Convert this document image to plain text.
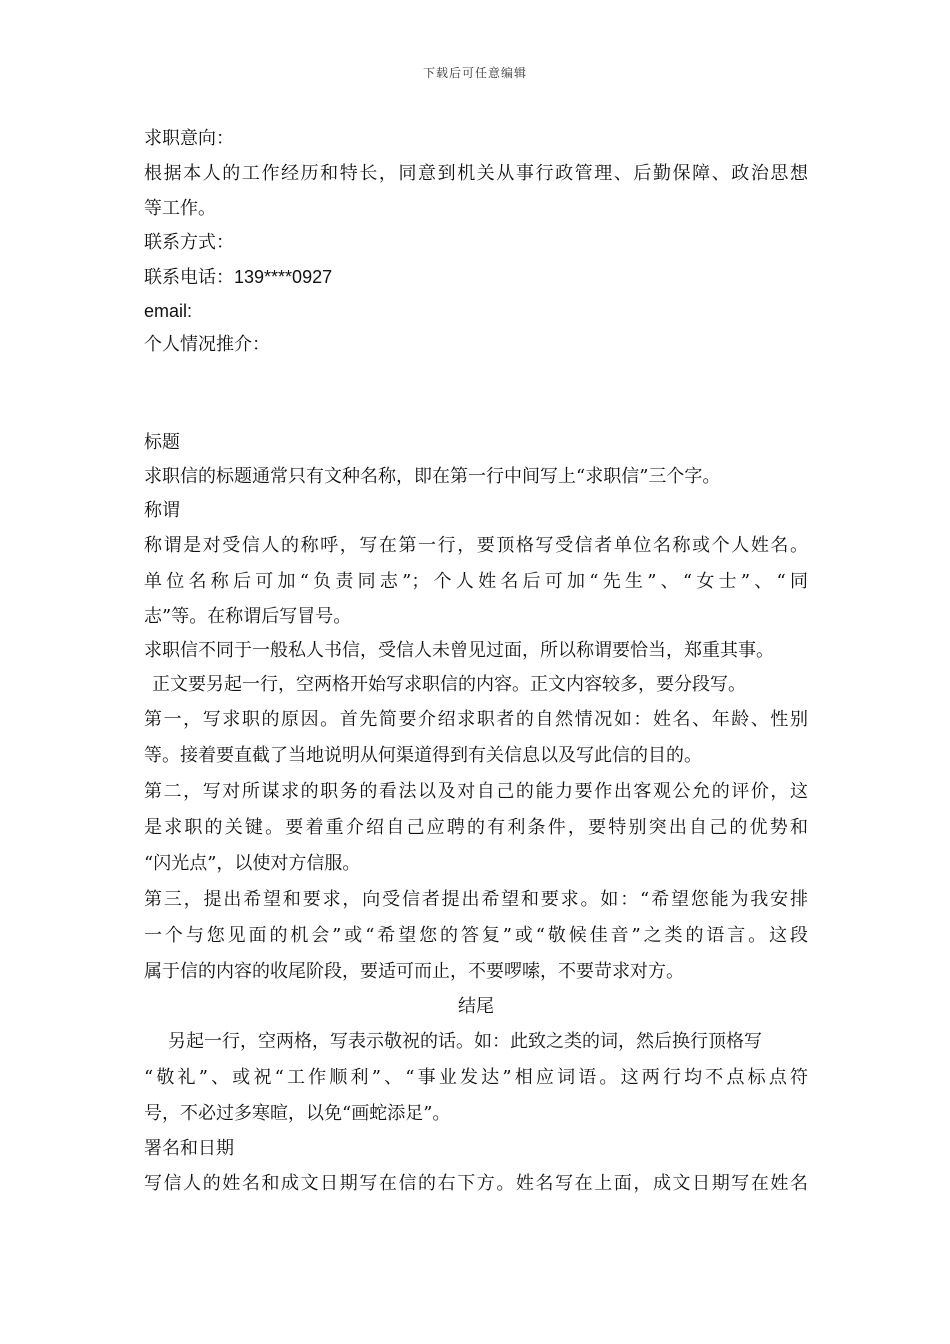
下载后可任意编辑
求职意向：
根据本人的工作经历和特长，同意到机关从事行政管理、后勤保障、政治思想
等工作。
联系方式：
联系电话：139****0927
email:
个人情况推介：
标题
求职信的标题通常只有文种名称，即在第一行中间写上“求职信”三个字。
称谓
称谓是对受信人的称呼，写在第一行，要顶格写受信者单位名称或个人姓名。
单位名称后可加“负责同志”；个人姓名后可加“先生”、“女士”、“同
志”等。在称谓后写冒号。
求职信不同于一般私人书信，受信人未曾见过面，所以称谓要恰当，郑重其事。
正文要另起一行，空两格开始写求职信的内容。正文内容较多，要分段写。
第一，写求职的原因。首先简要介绍求职者的自然情况如：姓名、年龄、性别
等。接着要直截了当地说明从何渠道得到有关信息以及写此信的目的。
第二，写对所谋求的职务的看法以及对自己的能力要作出客观公允的评价，这
是求职的关键。要着重介绍自己应聘的有利条件，要特别突出自己的优势和
“闪光点”，以使对方信服。
第三，提出希望和要求，向受信者提出希望和要求。如：“希望您能为我安排
一个与您见面的机会”或“希望您的答复”或“敬候佳音”之类的语言。这段
属于信的内容的收尾阶段，要适可而止，不要啰嗦，不要苛求对方。
结尾
另起一行，空两格，写表示敬祝的话。如：此致之类的词，然后换行顶格写
“敬礼”、或祝“工作顺利”、“事业发达”相应词语。这两行均不点标点符
号，不必过多寒暄，以免“画蛇添足”。
署名和日期
写信人的姓名和成文日期写在信的右下方。姓名写在上面，成文日期写在姓名
